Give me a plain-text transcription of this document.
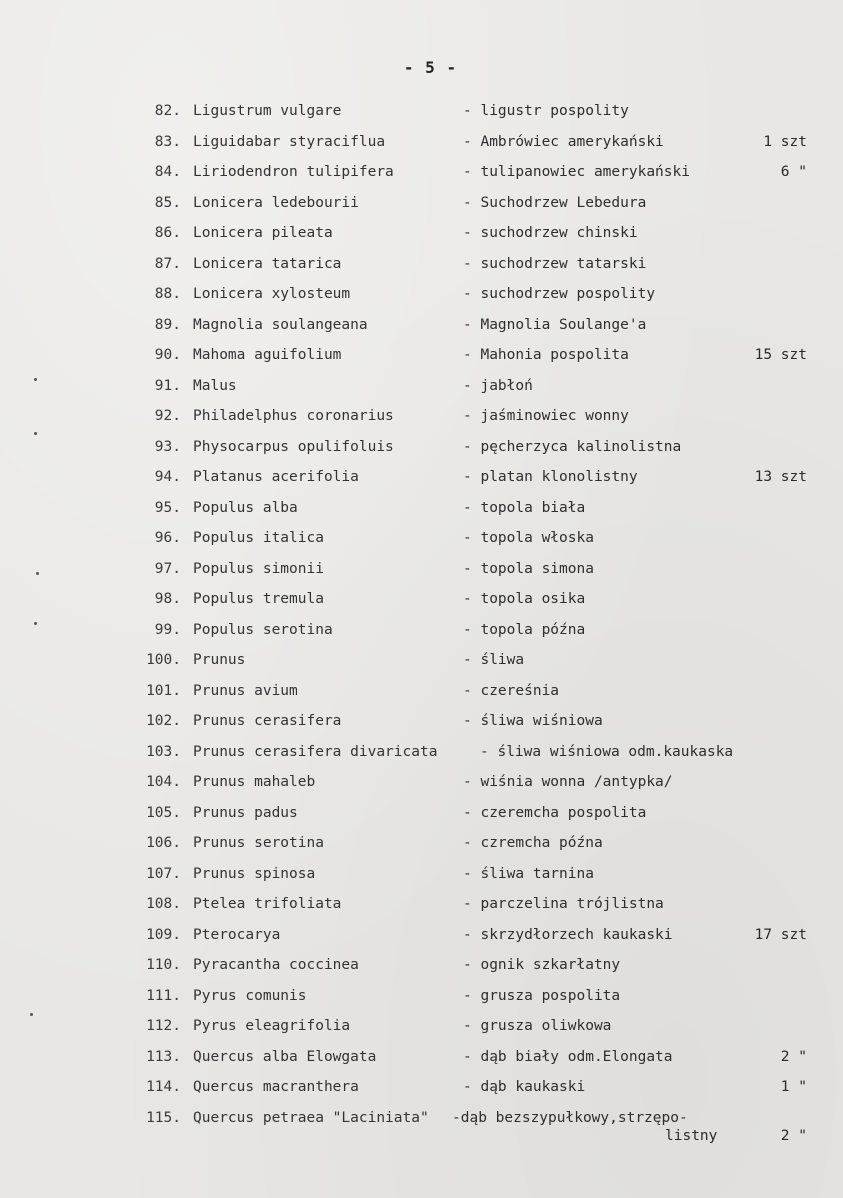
- 5 -
82. Ligustrum vulgare	- ligustr pospolity
83. Liguidabar styraciflua	- Ambrówiec amerykański	1 szt
84. Liriodendron tulipifera	- tulipanowiec amerykański	6 "
85. Lonicera ledebourii	- Suchodrzew Lebedura
86. Lonicera pileata	- suchodrzew chinski
87. Lonicera tatarica	- suchodrzew tatarski
88. Lonicera xylosteum	- suchodrzew pospolity
89. Magnolia soulangeana	- Magnolia Soulange'a
90. Mahoma aguifolium	- Mahonia pospolita	15 szt
91. Malus	- jabłoń
92. Philadelphus coronarius	- jaśminowiec wonny
93. Physocarpus opulifoluis	- pęcherzyca kalinolistna
94. Platanus acerifolia	- platan klonolistny	13 szt
95. Populus alba	- topola biała
96. Populus italica	- topola włoska
97. Populus simonii	- topola simona
98. Populus tremula	- topola osika
99. Populus serotina	- topola późna
100. Prunus	- śliwa
101. Prunus avium	- czereśnia
102. Prunus cerasifera	- śliwa wiśniowa
103. Prunus cerasifera divaricata	- śliwa wiśniowa odm.kaukaska
104. Prunus mahaleb	- wiśnia wonna /antypka/
105. Prunus padus	- czeremcha pospolita
106. Prunus serotina	- czremcha późna
107. Prunus spinosa	- śliwa tarnina
108. Ptelea trifoliata	- parczelina trójlistna
109. Pterocarya	- skrzydłorzech kaukaski	17 szt
110. Pyracantha coccinea	- ognik szkarłatny
111. Pyrus comunis	- grusza pospolita
112. Pyrus eleagrifolia	- grusza oliwkowa
113. Quercus alba Elowgata	- dąb biały odm.Elongata	2 "
114. Quercus macranthera	- dąb kaukaski	1 "
115. Quercus petraea "Laciniata" -dąb bezszypułkowy,strzępo-
listny	2 "
